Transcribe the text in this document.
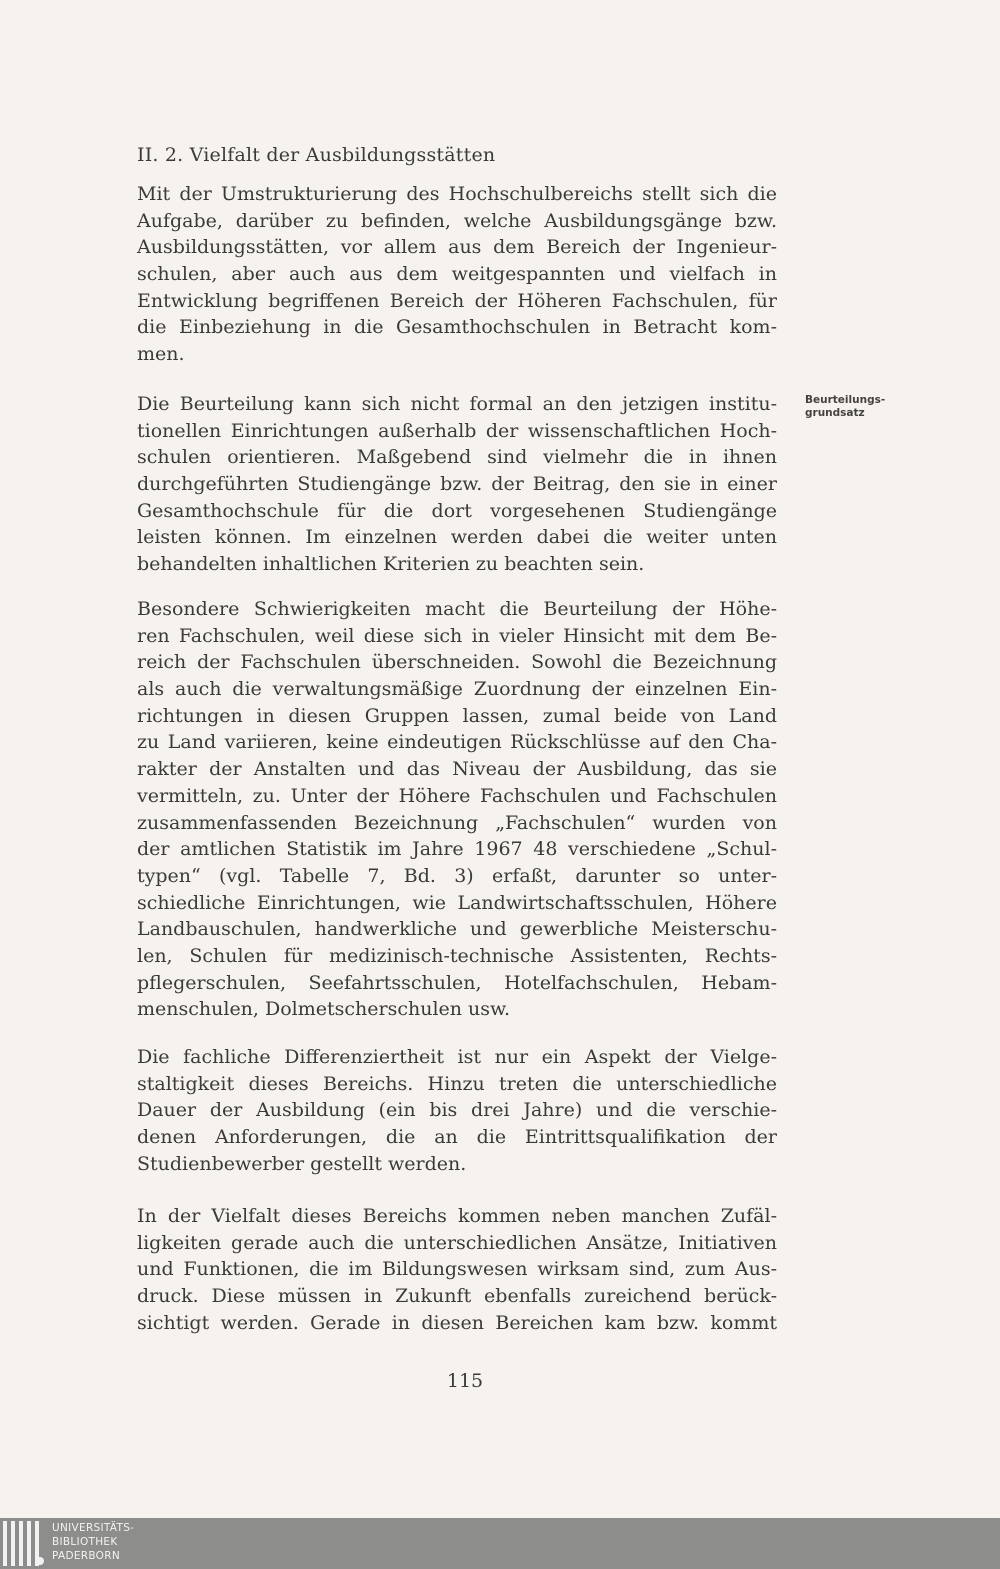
II. 2. Vielfalt der Ausbildungsstätten
Mit der Umstrukturierung des Hochschulbereichs stellt sich die
Aufgabe, darüber zu befinden, welche Ausbildungsgänge bzw.
Ausbildungsstätten, vor allem aus dem Bereich der Ingenieur-
schulen, aber auch aus dem weitgespannten und vielfach in
Entwicklung begriffenen Bereich der Höheren Fachschulen, für
die Einbeziehung in die Gesamthochschulen in Betracht kom-
men.
Die Beurteilung kann sich nicht formal an den jetzigen institu-
tionellen Einrichtungen außerhalb der wissenschaftlichen Hoch-
schulen orientieren. Maßgebend sind vielmehr die in ihnen
durchgeführten Studiengänge bzw. der Beitrag, den sie in einer
Gesamthochschule für die dort vorgesehenen Studiengänge
leisten können. Im einzelnen werden dabei die weiter unten
behandelten inhaltlichen Kriterien zu beachten sein.
Beurteilungs-
grundsatz
Besondere Schwierigkeiten macht die Beurteilung der Höhe-
ren Fachschulen, weil diese sich in vieler Hinsicht mit dem Be-
reich der Fachschulen überschneiden. Sowohl die Bezeichnung
als auch die verwaltungsmäßige Zuordnung der einzelnen Ein-
richtungen in diesen Gruppen lassen, zumal beide von Land
zu Land variieren, keine eindeutigen Rückschlüsse auf den Cha-
rakter der Anstalten und das Niveau der Ausbildung, das sie
vermitteln, zu. Unter der Höhere Fachschulen und Fachschulen
zusammenfassenden Bezeichnung „Fachschulen“ wurden von
der amtlichen Statistik im Jahre 1967 48 verschiedene „Schul-
typen“ (vgl. Tabelle 7, Bd. 3) erfaßt, darunter so unter-
schiedliche Einrichtungen, wie Landwirtschaftsschulen, Höhere
Landbauschulen, handwerkliche und gewerbliche Meisterschu-
len, Schulen für medizinisch-technische Assistenten, Rechts-
pflegerschulen, Seefahrtsschulen, Hotelfachschulen, Hebam-
menschulen, Dolmetscherschulen usw.
Die fachliche Differenziertheit ist nur ein Aspekt der Vielge-
staltigkeit dieses Bereichs. Hinzu treten die unterschiedliche
Dauer der Ausbildung (ein bis drei Jahre) und die verschie-
denen Anforderungen, die an die Eintrittsqualifikation der
Studienbewerber gestellt werden.
In der Vielfalt dieses Bereichs kommen neben manchen Zufäl-
ligkeiten gerade auch die unterschiedlichen Ansätze, Initiativen
und Funktionen, die im Bildungswesen wirksam sind, zum Aus-
druck. Diese müssen in Zukunft ebenfalls zureichend berück-
sichtigt werden. Gerade in diesen Bereichen kam bzw. kommt
115
UNIVERSITÄTS-
BIBLIOTHEK
PADERBORN
